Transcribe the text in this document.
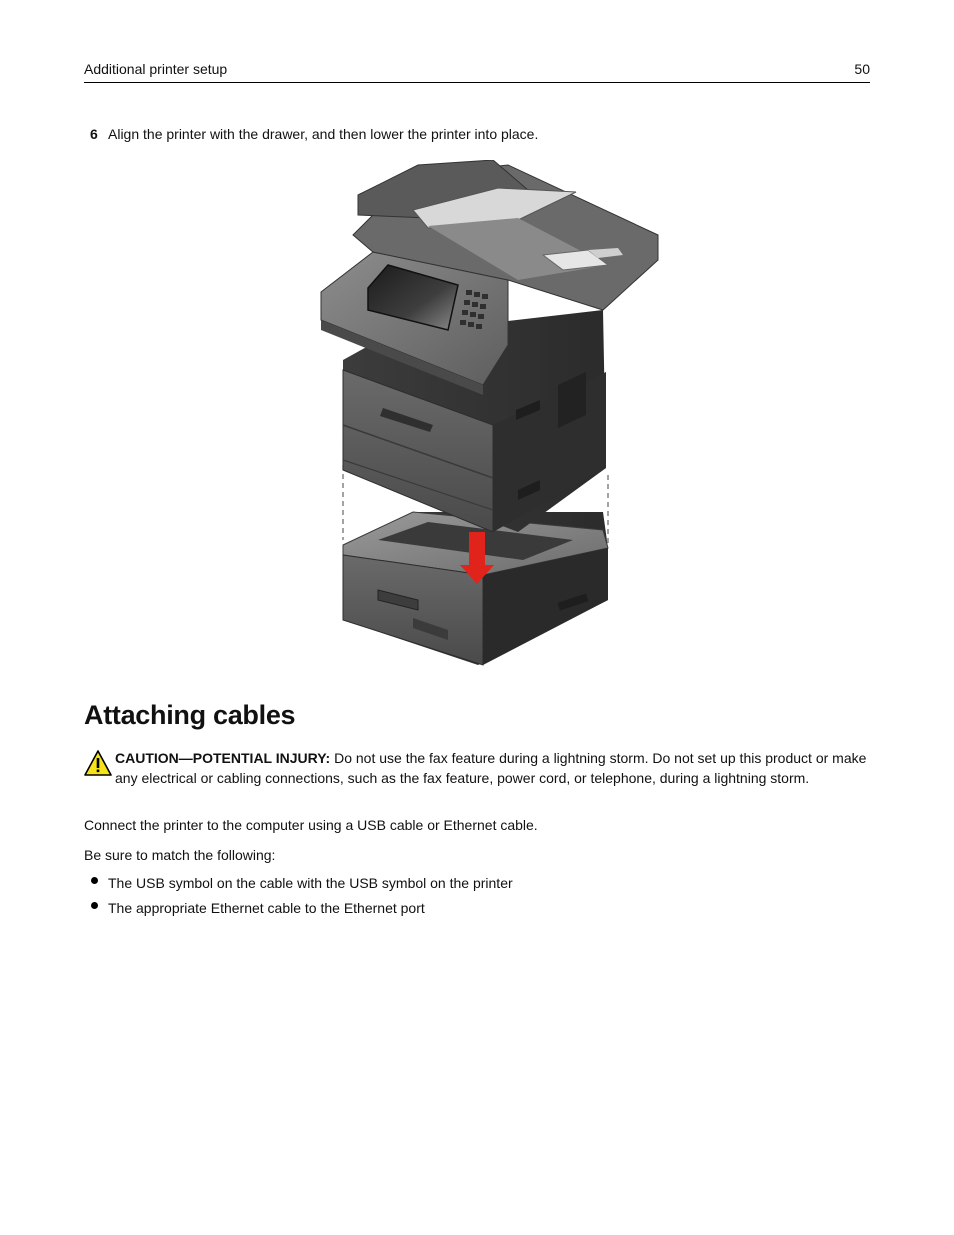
Additional printer setup	50
6 Align the printer with the drawer, and then lower the printer into place.
Attaching cables
CAUTION—POTENTIAL INJURY: Do not use the fax feature during a lightning storm. Do not set up this product or make any electrical or cabling connections, such as the fax feature, power cord, or telephone, during a lightning storm.
Connect the printer to the computer using a USB cable or Ethernet cable.
Be sure to match the following:
The USB symbol on the cable with the USB symbol on the printer
The appropriate Ethernet cable to the Ethernet port
